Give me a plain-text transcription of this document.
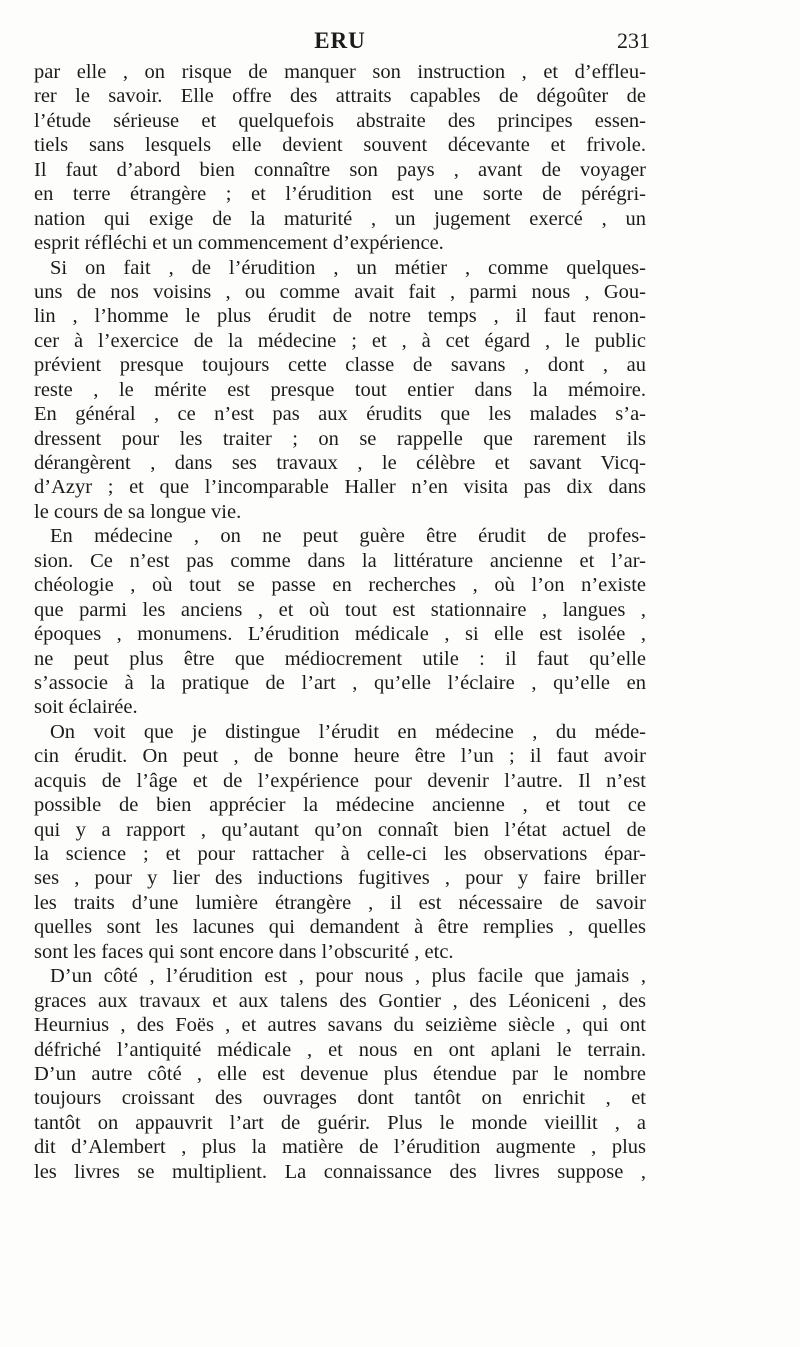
ERU	231
par elle , on risque de manquer son instruction , et d’effleu-
rer le savoir. Elle offre des attraits capables de dégoûter de
l’étude sérieuse et quelquefois abstraite des principes essen-
tiels sans lesquels elle devient souvent décevante et frivole.
Il faut d’abord bien connaître son pays , avant de voyager
en terre étrangère ; et l’érudition est une sorte de pérégri-
nation qui exige de la maturité , un jugement exercé , un
esprit réfléchi et un commencement d’expérience.
Si on fait , de l’érudition , un métier , comme quelques-
uns de nos voisins , ou comme avait fait , parmi nous , Gou-
lin , l’homme le plus érudit de notre temps , il faut renon-
cer à l’exercice de la médecine ; et , à cet égard , le public
prévient presque toujours cette classe de savans , dont , au
reste , le mérite est presque tout entier dans la mémoire.
En général , ce n’est pas aux érudits que les malades s’a-
dressent pour les traiter ; on se rappelle que rarement ils
dérangèrent , dans ses travaux , le célèbre et savant Vicq-
d’Azyr ; et que l’incomparable Haller n’en visita pas dix dans
le cours de sa longue vie.
En médecine , on ne peut guère être érudit de profes-
sion. Ce n’est pas comme dans la littérature ancienne et l’ar-
chéologie , où tout se passe en recherches , où l’on n’existe
que parmi les anciens , et où tout est stationnaire , langues ,
époques , monumens. L’érudition médicale , si elle est isolée ,
ne peut plus être que médiocrement utile : il faut qu’elle
s’associe à la pratique de l’art , qu’elle l’éclaire , qu’elle en
soit éclairée.
On voit que je distingue l’érudit en médecine , du méde-
cin érudit. On peut , de bonne heure être l’un ; il faut avoir
acquis de l’âge et de l’expérience pour devenir l’autre. Il n’est
possible de bien apprécier la médecine ancienne , et tout ce
qui y a rapport , qu’autant qu’on connaît bien l’état actuel de
la science ; et pour rattacher à celle-ci les observations épar-
ses , pour y lier des inductions fugitives , pour y faire briller
les traits d’une lumière étrangère , il est nécessaire de savoir
quelles sont les lacunes qui demandent à être remplies , quelles
sont les faces qui sont encore dans l’obscurité , etc.
D’un côté , l’érudition est , pour nous , plus facile que jamais ,
graces aux travaux et aux talens des Gontier , des Léoniceni , des
Heurnius , des Foës , et autres savans du seizième siècle , qui ont
défriché l’antiquité médicale , et nous en ont aplani le terrain.
D’un autre côté , elle est devenue plus étendue par le nombre
toujours croissant des ouvrages dont tantôt on enrichit , et
tantôt on appauvrit l’art de guérir. Plus le monde vieillit , a
dit d’Alembert , plus la matière de l’érudition augmente , plus
les livres se multiplient. La connaissance des livres suppose ,
